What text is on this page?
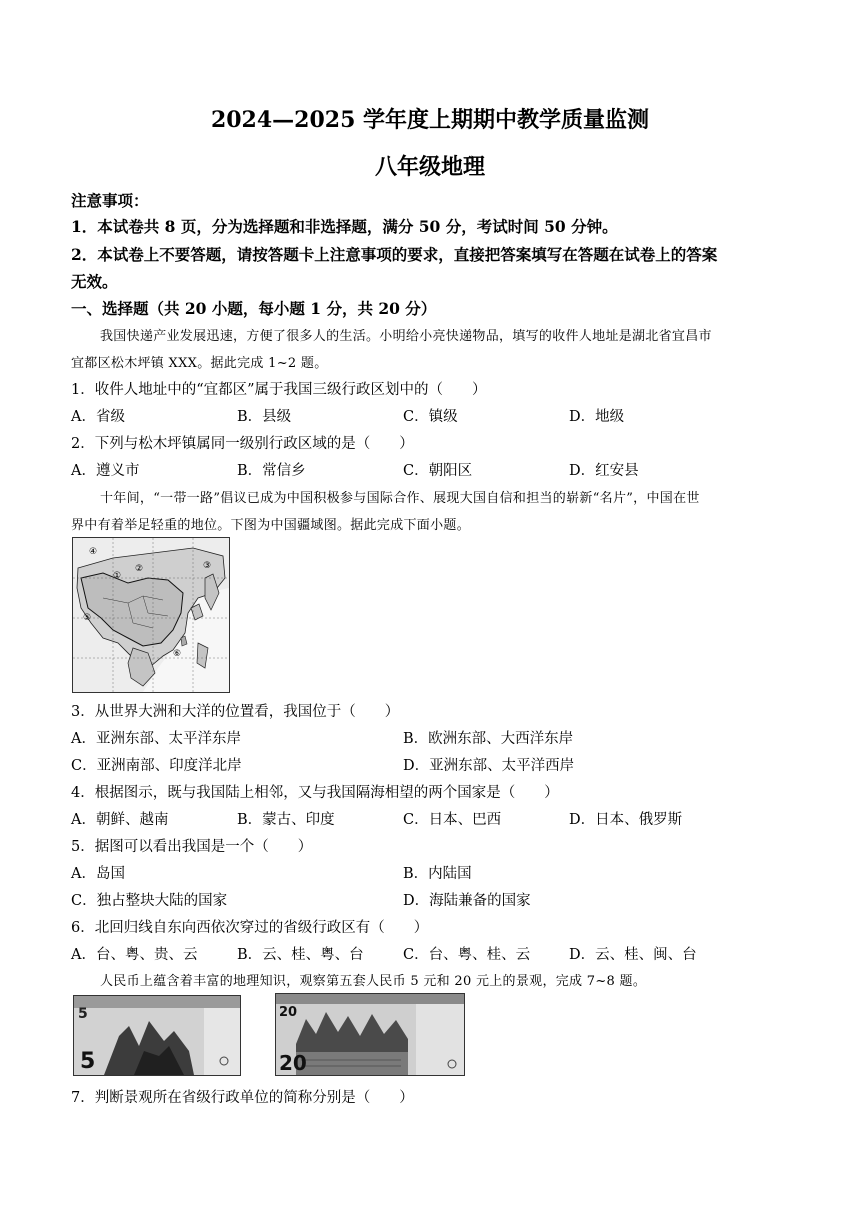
2024—2025 学年度上期期中教学质量监测
八年级地理
注意事项：
1．本试卷共 8 页，分为选择题和非选择题，满分 50 分，考试时间 50 分钟。
2．本试卷上不要答题，请按答题卡上注意事项的要求，直接把答案填写在答题在试卷上的答案
无效。
一、选择题（共 20 小题，每小题 1 分，共 20 分）
我国快递产业发展迅速，方便了很多人的生活。小明给小亮快递物品，填写的收件人地址是湖北省宜昌市
宜都区松木坪镇 XXX。据此完成 1~2 题。
1．收件人地址中的“宜都区”属于我国三级行政区划中的（　　）
A．省级	B．县级	C．镇级	D．地级
2．下列与松木坪镇属同一级别行政区域的是（　　）
A．遵义市	B．常信乡	C．朝阳区	D．红安县
十年间，“一带一路”倡议已成为中国积极参与国际合作、展现大国自信和担当的崭新“名片”，中国在世
界中有着举足轻重的地位。下图为中国疆域图。据此完成下面小题。
④
①
②	③
⑤
⑥
3．从世界大洲和大洋的位置看，我国位于（　　）
A．亚洲东部、太平洋东岸	B．欧洲东部、大西洋东岸
C．亚洲南部、印度洋北岸	D．亚洲东部、太平洋西岸
4．根据图示，既与我国陆上相邻，又与我国隔海相望的两个国家是（　　）
A．朝鲜、越南	B．蒙古、印度	C．日本、巴西	D．日本、俄罗斯
5．据图可以看出我国是一个（　　）
A．岛国	B．内陆国
C．独占整块大陆的国家	D．海陆兼备的国家
6．北回归线自东向西依次穿过的省级行政区有（　　）
A．台、粤、贵、云	B．云、桂、粤、台	C．台、粤、桂、云	D．云、桂、闽、台
人民币上蕴含着丰富的地理知识，观察第五套人民币 5 元和 20 元上的景观，完成 7~8 题。
5
5
20
20
7．判断景观所在省级行政单位的简称分别是（　　）
